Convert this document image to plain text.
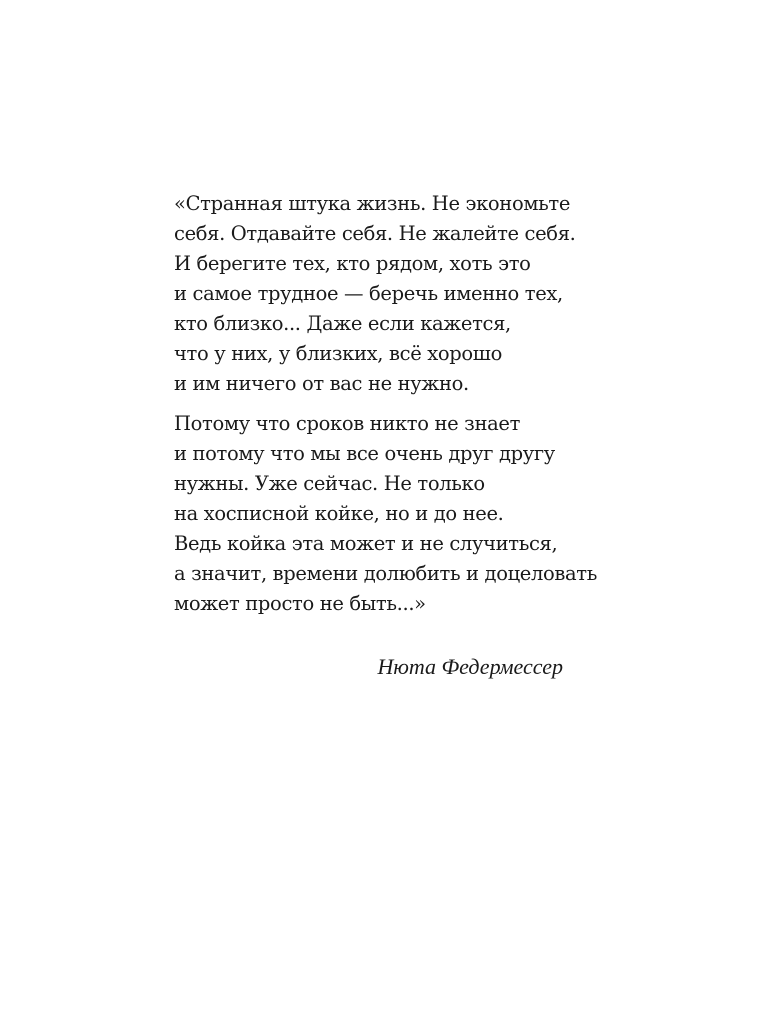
«Странная штука жизнь. Не экономьте
себя. Отдавайте себя. Не жалейте себя.
И берегите тех, кто рядом, хоть это
и самое трудное — беречь именно тех,
кто близко... Даже если кажется,
что у них, у близких, всё хорошо
и им ничего от вас не нужно.

Потому что сроков никто не знает
и потому что мы все очень друг другу
нужны. Уже сейчас. Не только
на хосписной койке, но и до нее.
Ведь койка эта может и не случиться,
а значит, времени долюбить и доцеловать
может просто не быть...»

Нюта Федермессер
